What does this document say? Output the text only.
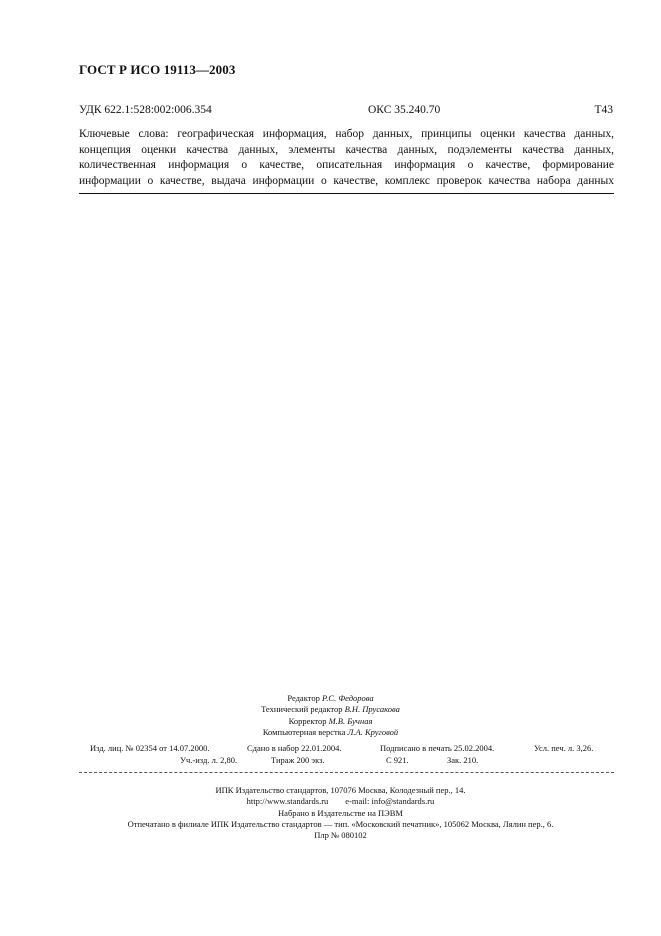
ГОСТ Р ИСО 19113—2003
УДК 622.1:528:002:006.354	ОКС 35.240.70	Т43
Ключевые слова: географическая информация, набор данных, принципы оценки качества данных,
концепция оценки качества данных, элементы качества данных, подэлементы качества данных,
количественная информация о качестве, описательная информация о качестве, формирование
информации о качестве, выдача информации о качестве, комплекс проверок качества набора данных
Редактор Р.С. Федорова
Технический редактор В.Н. Прусакова
Корректор М.В. Бучная
Компьютерная верстка Л.А. Круговой
Изд. лиц. № 02354 от 14.07.2000.	Сдано в набор 22.01.2004.	Подписано в печать 25.02.2004.	Усл. печ. л. 3,26.
Уч.-изд. л. 2,80.	Тираж 200 экз.	С 921.	Зак. 210.
ИПК Издательство стандартов, 107076 Москва, Колодезный пер., 14.
http://www.standards.ru e-mail: info@standards.ru
Набрано в Издательстве на ПЭВМ
Отпечатано в филиале ИПК Издательство стандартов — тип. «Московский печатник», 105062 Москва, Лялин пер., 6.
Плр № 080102
